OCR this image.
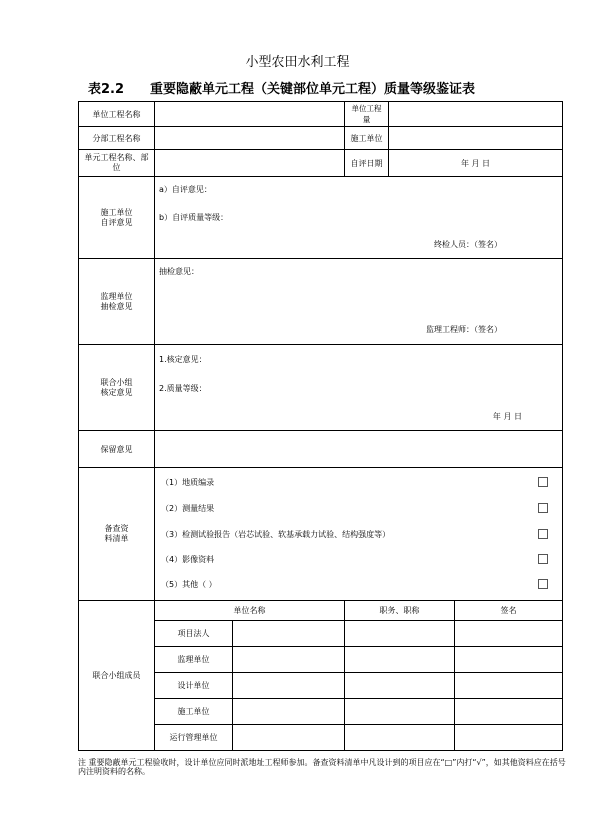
小型农田水利工程
表2.2 重要隐蔽单元工程（关键部位单元工程）质量等级鉴证表
单位工程名称			单位工程量		
分部工程名称			施工单位		
单元工程名称、部位			自评日期	年 月 日	
施工单位自评意见	a）自评意见：
b）自评质量等级：
终检人员：（签名）				

监理单位抽检意见	抽检意见：
监理工程师：（签名）				

联合小组核定意见	1.核定意见：
2.质量等级：
年 月 日				

保留意见					
备查资料清单	（1）地质编录
（2）测量结果
（3）检测试验报告（岩芯试验、软基承载力试验、结构强度等）
（4）影像资料
（5）其他（ ）				

联合小组成员	单位名称		职务、职称		签名
	项目法人				
	监理单位				
	设计单位				
	施工单位				
	运行管理单位				
注 重要隐蔽单元工程验收时，设计单位应同时派地址工程师参加。备查资料清单中凡设计到的项目应在“□”内打“√”，如其他资料应在括号内注明资料的名称。
